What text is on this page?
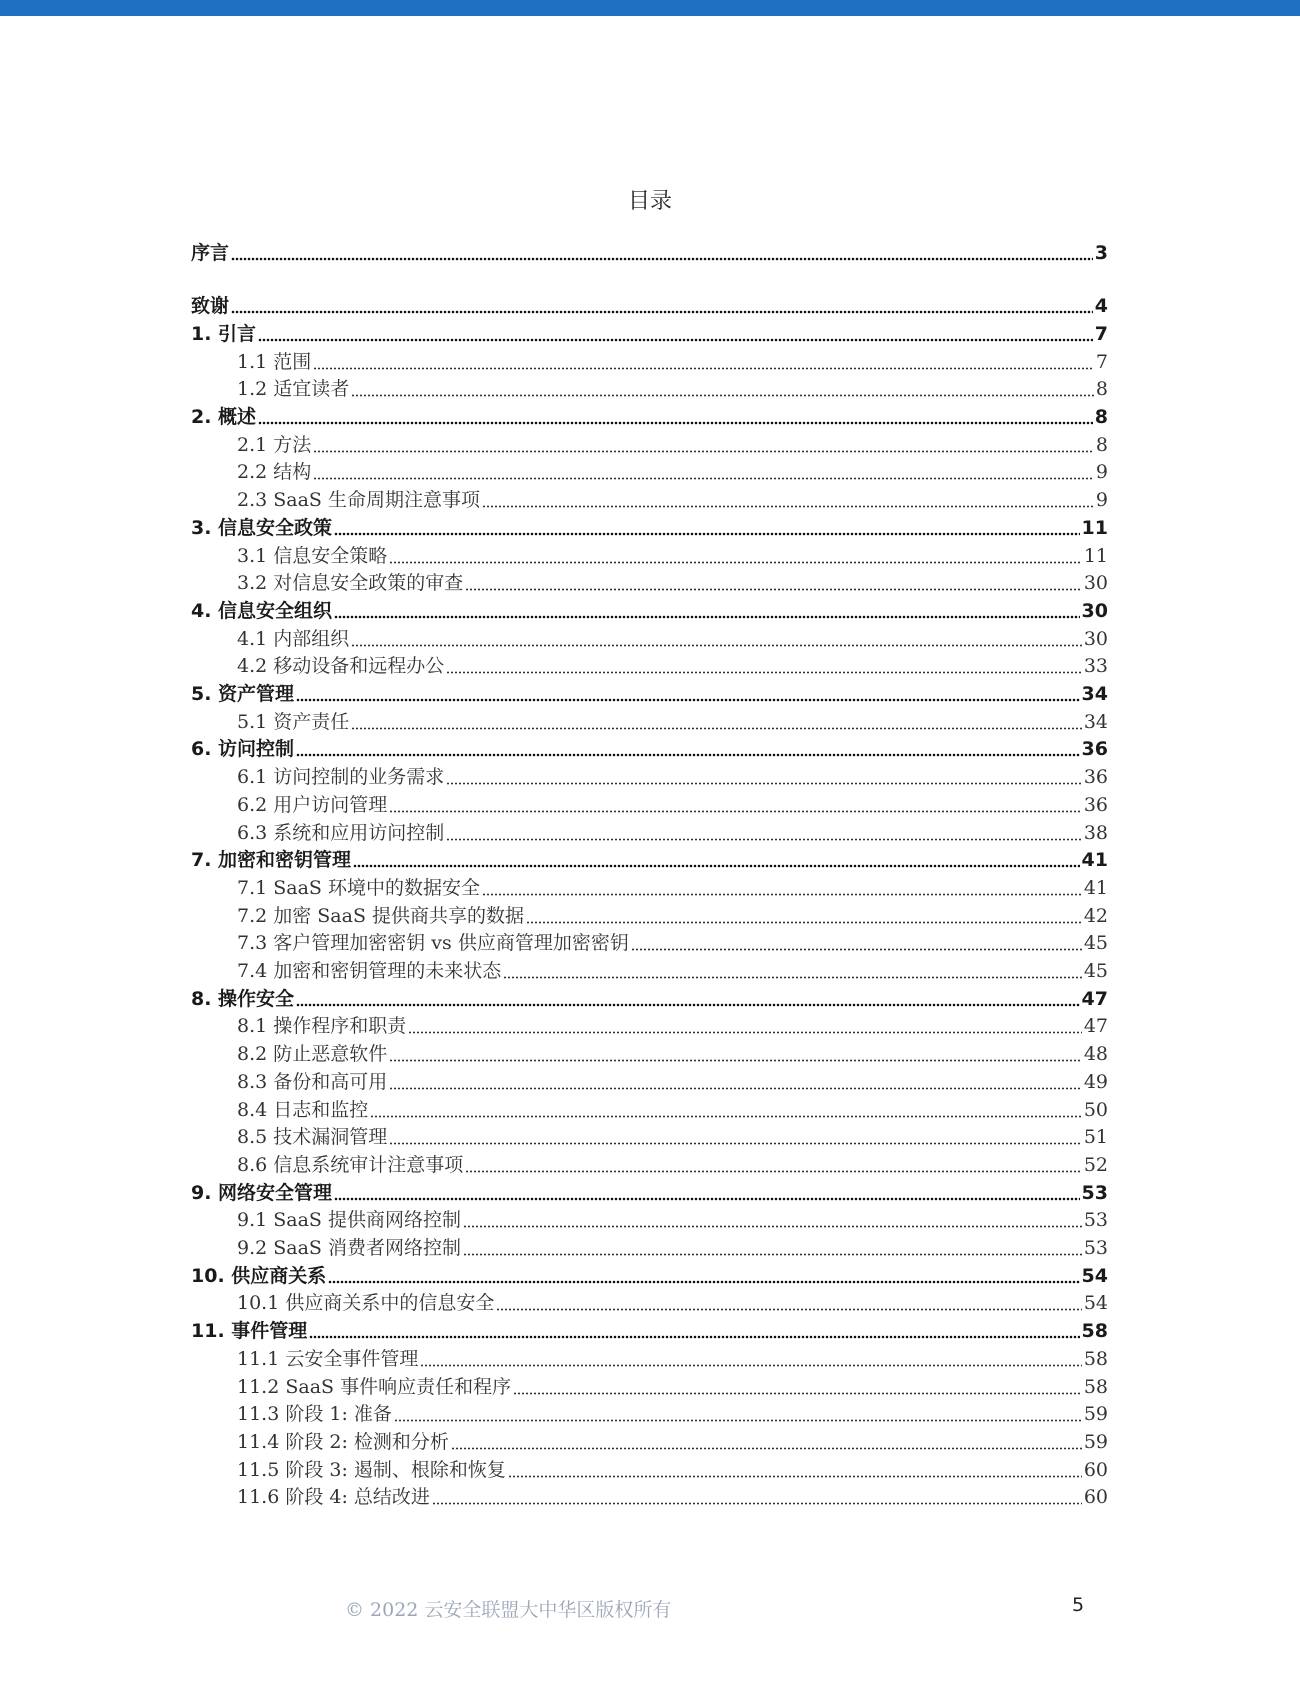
目录
序言	3
致谢	4
1. 引言	7
1.1 范围	7
1.2 适宜读者	8
2. 概述	8
2.1 方法	8
2.2 结构	9
2.3 SaaS 生命周期注意事项	9
3. 信息安全政策	11
3.1 信息安全策略	11
3.2 对信息安全政策的审查	30
4. 信息安全组织	30
4.1 内部组织	30
4.2 移动设备和远程办公	33
5. 资产管理	34
5.1 资产责任	34
6. 访问控制	36
6.1 访问控制的业务需求	36
6.2 用户访问管理	36
6.3 系统和应用访问控制	38
7. 加密和密钥管理	41
7.1 SaaS 环境中的数据安全	41
7.2 加密 SaaS 提供商共享的数据	42
7.3 客户管理加密密钥 vs 供应商管理加密密钥	45
7.4 加密和密钥管理的未来状态	45
8. 操作安全	47
8.1 操作程序和职责	47
8.2 防止恶意软件	48
8.3 备份和高可用	49
8.4 日志和监控	50
8.5 技术漏洞管理	51
8.6 信息系统审计注意事项	52
9. 网络安全管理	53
9.1 SaaS 提供商网络控制	53
9.2 SaaS 消费者网络控制	53
10. 供应商关系	54
10.1 供应商关系中的信息安全	54
11. 事件管理	58
11.1 云安全事件管理	58
11.2 SaaS 事件响应责任和程序	58
11.3 阶段 1: 准备	59
11.4 阶段 2: 检测和分析	59
11.5 阶段 3: 遏制、根除和恢复	60
11.6 阶段 4: 总结改进	60
© 2022 云安全联盟大中华区版权所有	5
